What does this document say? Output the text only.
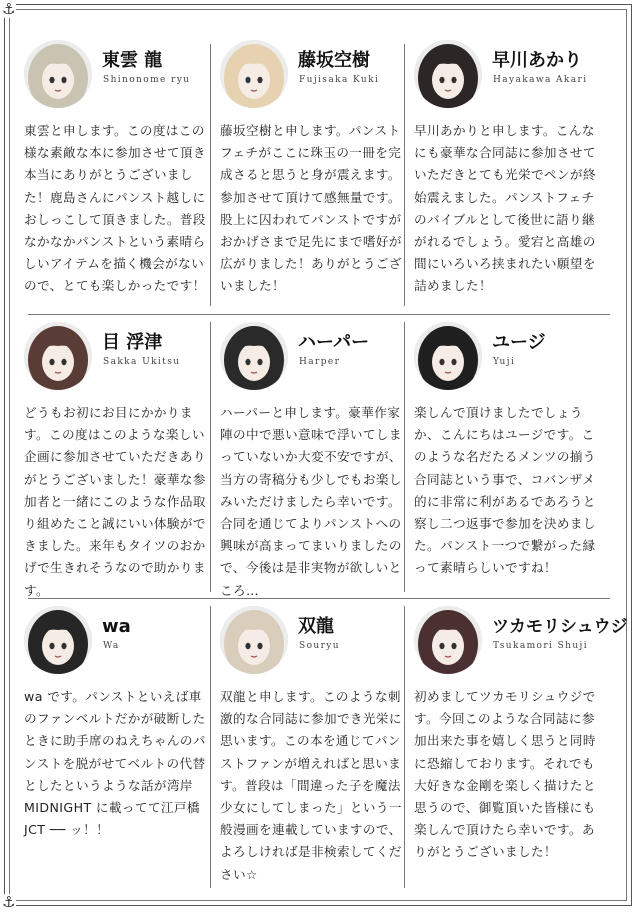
⚓
⚓
東雲 龍
Shinonome ryu
東雲と申します。この度はこの様な素敵な本に参加させて頂き本当にありがとうございました！鹿島さんにパンスト越しにおしっこして頂きました。普段なかなかパンストという素晴らしいアイテムを描く機会がないので、とても楽しかったです！
藤坂空樹
Fujisaka Kuki
藤坂空樹と申します。パンストフェチがここに珠玉の一冊を完成さると思うと身が震えます。参加させて頂けて感無量です。股上に囚われてパンストですがおかげさまで足先にまで嗜好が広がりました！ありがとうございました！
早川あかり
Hayakawa Akari
早川あかりと申します。こんなにも豪華な合同誌に参加させていただきとても光栄でペンが終始震えました。パンストフェチのバイブルとして後世に語り継がれるでしょう。愛宕と高雄の間にいろいろ挟まれたい願望を詰めました！
目 浮津
Sakka Ukitsu
どうもお初にお目にかかります。この度はこのような楽しい企画に参加させていただきありがとうございました！豪華な参加者と一緒にこのような作品取り組めたこと誠にいい体験ができました。来年もタイツのおかげで生きれそうなので助かります。
ハーパー
Harper
ハーパーと申します。豪華作家陣の中で悪い意味で浮いてしまっていないか大変不安ですが、当方の寄稿分も少しでもお楽しみいただけましたら幸いです。合同を通じてよりパンストへの興味が高まってまいりましたので、今後は是非実物が欲しいところ…
ユージ
Yuji
楽しんで頂けましたでしょうか、こんにちはユージです。このような名だたるメンツの揃う合同誌という事で、コバンザメ的に非常に利があるであろうと察し二つ返事で参加を決めました。パンスト一つで繋がった縁って素晴らしいですね！
wa
Wa
wa です。パンストといえば車のファンベルトだかが破断したときに助手席のねえちゃんのパンストを脱がせてベルトの代替とした​という​ような話が湾岸 MIDNIGHT に載ってて江戸橋 JCT ── ッ！！
双龍
Souryu
双龍と申します。このような刺激的な合同誌に参加でき光栄に思います。この本を通じてパンストファンが増えればと思います。普段は「間違った子を魔法少女にしてしまった」という一般漫画を連載していますので、よろしければ是非検索してください☆
ツカモリシュウジ
Tsukamori Shuji
初めましてツカモリシュウジです。今回このような合同誌に参加出来た事を嬉しく思うと同時に恐縮しております。それでも大好きな金剛を楽しく描けたと思うので、御覧頂いた皆様にも楽しんで頂けたら幸いです。ありがとうございました！
